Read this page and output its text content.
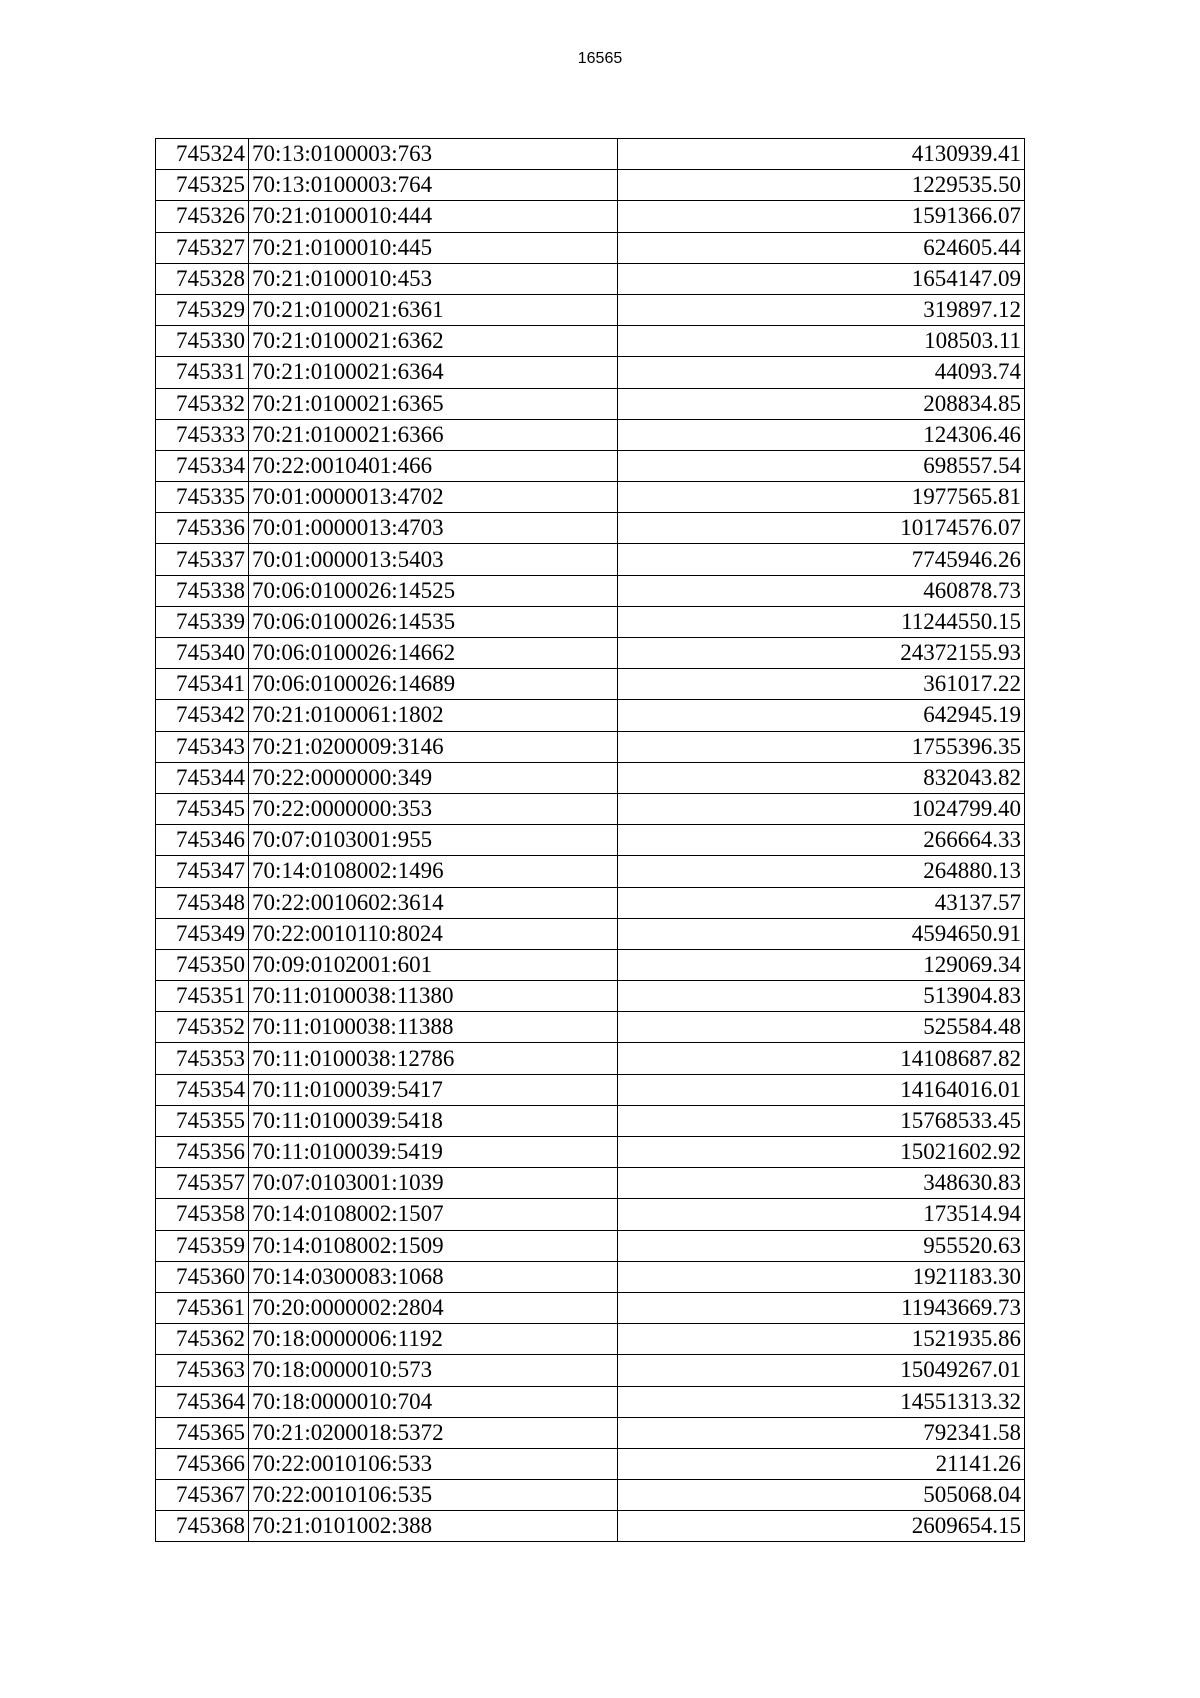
16565
745324	70:13:0100003:763	4130939.41
745325	70:13:0100003:764	1229535.50
745326	70:21:0100010:444	1591366.07
745327	70:21:0100010:445	624605.44
745328	70:21:0100010:453	1654147.09
745329	70:21:0100021:6361	319897.12
745330	70:21:0100021:6362	108503.11
745331	70:21:0100021:6364	44093.74
745332	70:21:0100021:6365	208834.85
745333	70:21:0100021:6366	124306.46
745334	70:22:0010401:466	698557.54
745335	70:01:0000013:4702	1977565.81
745336	70:01:0000013:4703	10174576.07
745337	70:01:0000013:5403	7745946.26
745338	70:06:0100026:14525	460878.73
745339	70:06:0100026:14535	11244550.15
745340	70:06:0100026:14662	24372155.93
745341	70:06:0100026:14689	361017.22
745342	70:21:0100061:1802	642945.19
745343	70:21:0200009:3146	1755396.35
745344	70:22:0000000:349	832043.82
745345	70:22:0000000:353	1024799.40
745346	70:07:0103001:955	266664.33
745347	70:14:0108002:1496	264880.13
745348	70:22:0010602:3614	43137.57
745349	70:22:0010110:8024	4594650.91
745350	70:09:0102001:601	129069.34
745351	70:11:0100038:11380	513904.83
745352	70:11:0100038:11388	525584.48
745353	70:11:0100038:12786	14108687.82
745354	70:11:0100039:5417	14164016.01
745355	70:11:0100039:5418	15768533.45
745356	70:11:0100039:5419	15021602.92
745357	70:07:0103001:1039	348630.83
745358	70:14:0108002:1507	173514.94
745359	70:14:0108002:1509	955520.63
745360	70:14:0300083:1068	1921183.30
745361	70:20:0000002:2804	11943669.73
745362	70:18:0000006:1192	1521935.86
745363	70:18:0000010:573	15049267.01
745364	70:18:0000010:704	14551313.32
745365	70:21:0200018:5372	792341.58
745366	70:22:0010106:533	21141.26
745367	70:22:0010106:535	505068.04
745368	70:21:0101002:388	2609654.15
